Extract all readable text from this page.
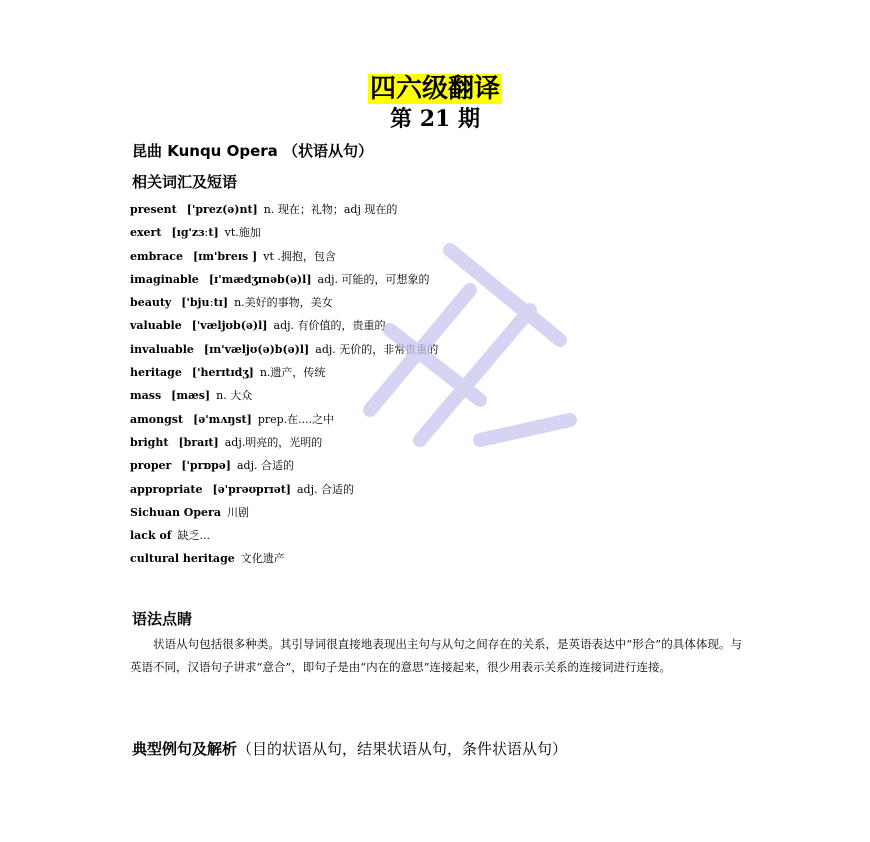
四六级翻译
第 21 期
昆曲 Kunqu Opera （状语从句）
相关词汇及短语
present ['prez(ə)nt] n. 现在；礼物；adj 现在的
exert [ɪg'zɜːt] vt.施加
embrace [ɪm'breɪs ] vt .拥抱，包含
imaginable [ɪ'mædʒɪnəb(ə)l] adj. 可能的，可想象的
beauty ['bjuːtɪ] n.美好的事物，美女
valuable ['væljʊb(ə)l] adj. 有价值的，贵重的
invaluable [ɪn'væljʊ(ə)b(ə)l] adj. 无价的，非常贵重的
heritage ['herɪtɪdʒ] n.遗产，传统
mass [mæs] n. 大众
amongst [ə'mʌŋst] prep.在....之中
bright [braɪt] adj.明亮的，光明的
proper ['prɒpə] adj. 合适的
appropriate [ə'prəʊprɪət] adj. 合适的
Sichuan Opera 川剧
lack of 缺乏...
cultural heritage 文化遗产
语法点睛
状语从句包括很多种类。其引导词很直接地表现出主句与从句之间存在的关系，是英语表达中“形合”的具体体现。与英语不同，汉语句子讲求“意合”，即句子是由“内在的意思”连接起来，很少用表示关系的连接词进行连接。
典型例句及解析（目的状语从句，结果状语从句，条件状语从句）
